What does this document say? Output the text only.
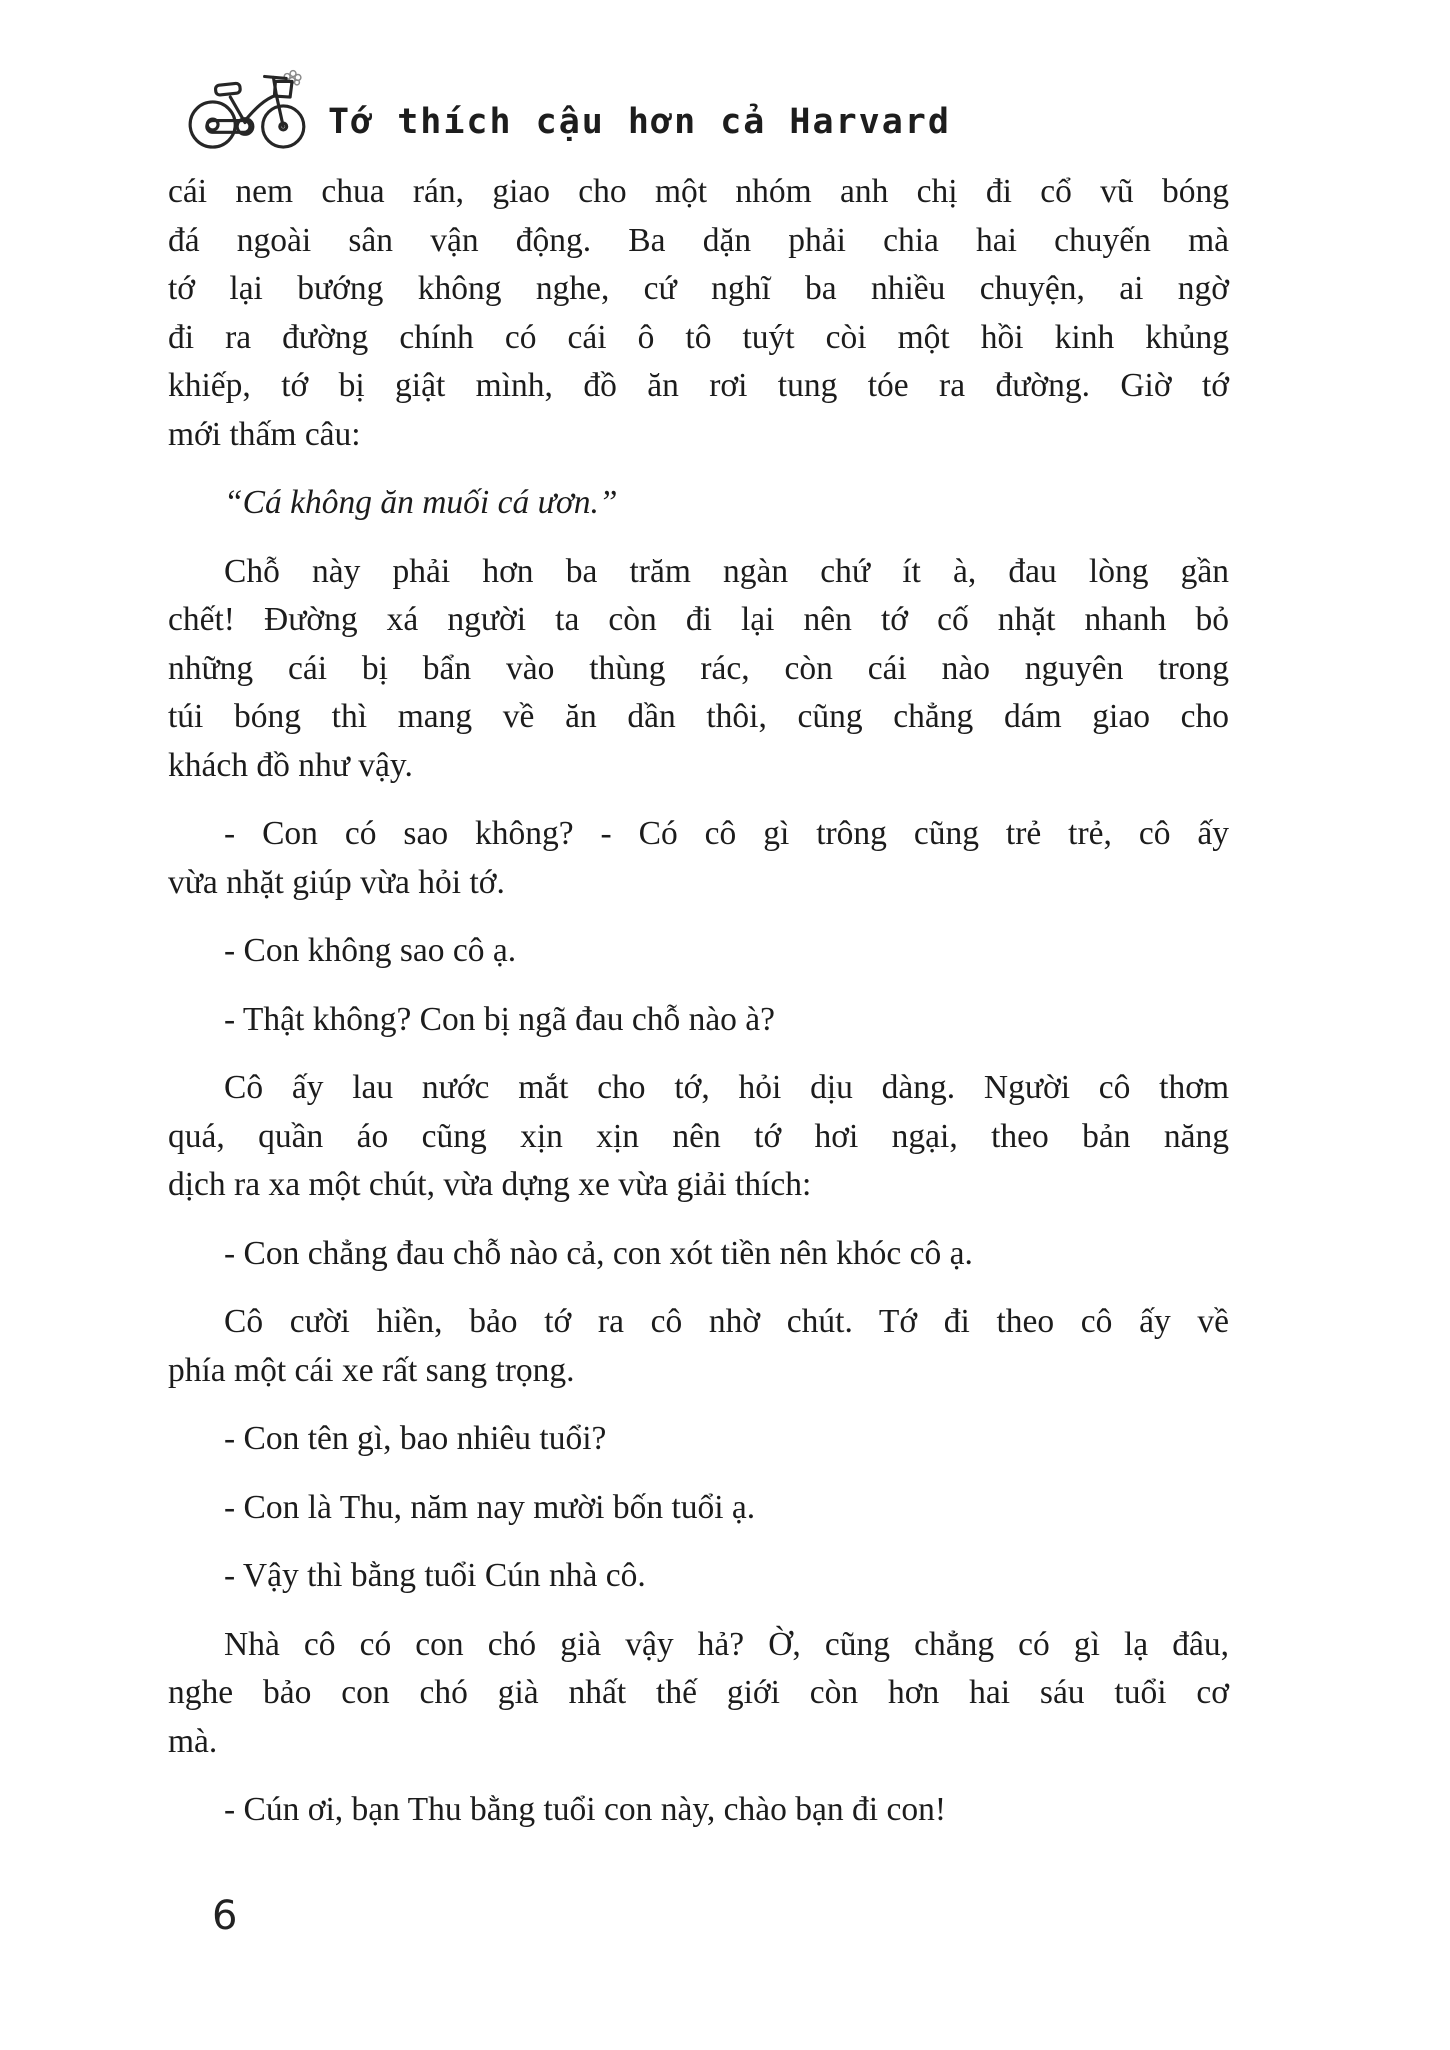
Tớ thích cậu hơn cả Harvard
cái nem chua rán, giao cho một nhóm anh chị đi cổ vũ bóng
đá ngoài sân vận động. Ba dặn phải chia hai chuyến mà
tớ lại bướng không nghe, cứ nghĩ ba nhiều chuyện, ai ngờ
đi ra đường chính có cái ô tô tuýt còi một hồi kinh khủng
khiếp, tớ bị giật mình, đồ ăn rơi tung tóe ra đường. Giờ tớ
mới thấm câu:
“Cá không ăn muối cá ươn.”
Chỗ này phải hơn ba trăm ngàn chứ ít à, đau lòng gần
chết! Đường xá người ta còn đi lại nên tớ cố nhặt nhanh bỏ
những cái bị bẩn vào thùng rác, còn cái nào nguyên trong
túi bóng thì mang về ăn dần thôi, cũng chẳng dám giao cho
khách đồ như vậy.
- Con có sao không? - Có cô gì trông cũng trẻ trẻ, cô ấy
vừa nhặt giúp vừa hỏi tớ.
- Con không sao cô ạ.
- Thật không? Con bị ngã đau chỗ nào à?
Cô ấy lau nước mắt cho tớ, hỏi dịu dàng. Người cô thơm
quá, quần áo cũng xịn xịn nên tớ hơi ngại, theo bản năng
dịch ra xa một chút, vừa dựng xe vừa giải thích:
- Con chẳng đau chỗ nào cả, con xót tiền nên khóc cô ạ.
Cô cười hiền, bảo tớ ra cô nhờ chút. Tớ đi theo cô ấy về
phía một cái xe rất sang trọng.
- Con tên gì, bao nhiêu tuổi?
- Con là Thu, năm nay mười bốn tuổi ạ.
- Vậy thì bằng tuổi Cún nhà cô.
Nhà cô có con chó già vậy hả? Ờ, cũng chẳng có gì lạ đâu,
nghe bảo con chó già nhất thế giới còn hơn hai sáu tuổi cơ
mà.
- Cún ơi, bạn Thu bằng tuổi con này, chào bạn đi con!
6
